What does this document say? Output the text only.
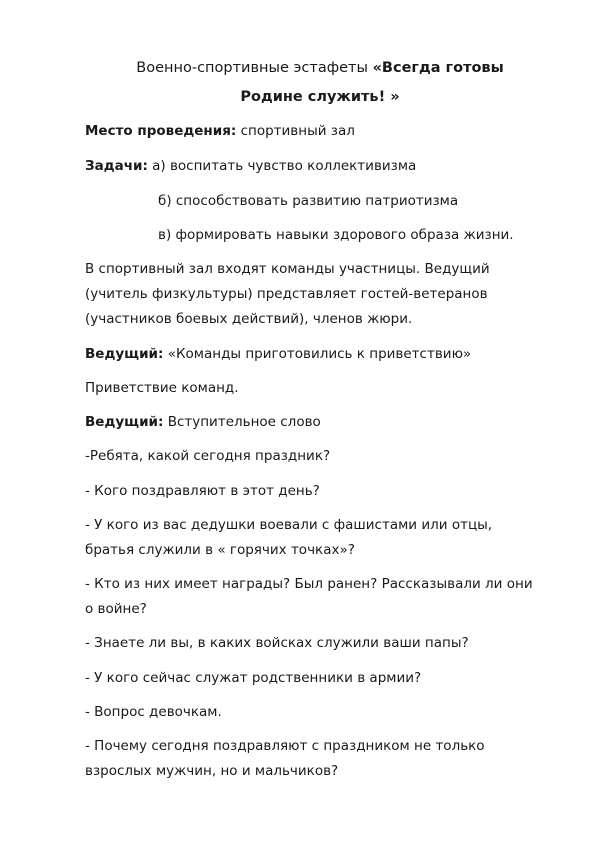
Военно-спортивные эстафеты «Всегда готовы
Родине служить! »
Место проведения: спортивный зал
Задачи: а) воспитать чувство коллективизма
б) способствовать развитию патриотизма
в) формировать навыки здорового образа жизни.
В спортивный зал входят команды участницы. Ведущий
(учитель физкультуры) представляет гостей-ветеранов
(участников боевых действий), членов жюри.
Ведущий: «Команды приготовились к приветствию»
Приветствие команд.
Ведущий: Вступительное слово
-Ребята, какой сегодня праздник?
- Кого поздравляют в этот день?
- У кого из вас дедушки воевали с фашистами или отцы,
братья служили в « горячих точках»?
- Кто из них имеет награды? Был ранен? Рассказывали ли они
о войне?
- Знаете ли вы, в каких войсках служили ваши папы?
- У кого сейчас служат родственники в армии?
- Вопрос девочкам.
- Почему сегодня поздравляют с праздником не только
взрослых мужчин, но и мальчиков?
